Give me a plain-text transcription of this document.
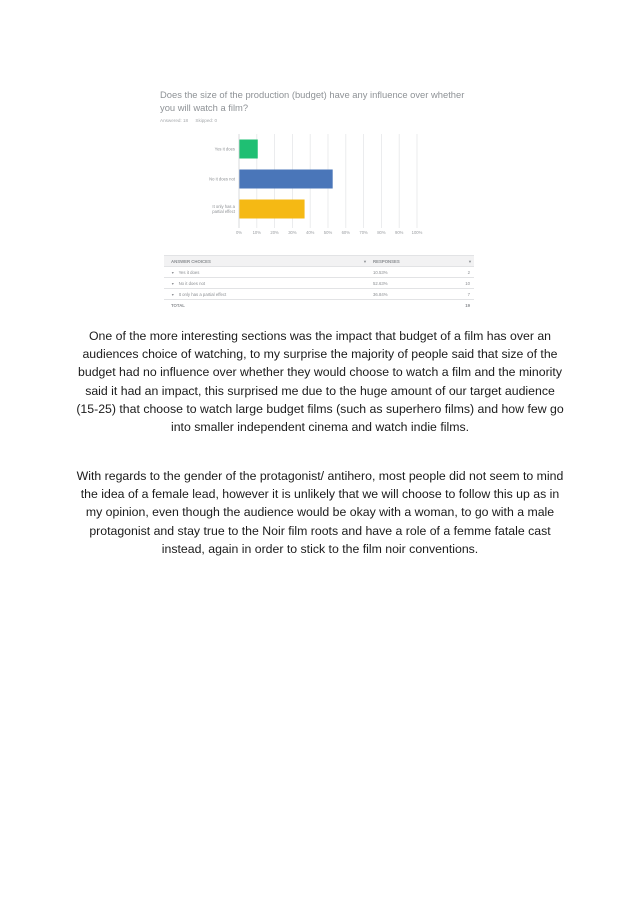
Does the size of the production (budget) have any influence over whether you will watch a film?
Answered: 18 Skipped: 0
0%	10% 20% 30% 40% 50% 60% 70% 80% 90% 100%
Yes it does
No it does not
It only has a
partial effect
ANSWER CHOICES	▼ RESPONSES	▼
▼ Yes it does	10.53%	2
▼ No it does not	52.63%	10
▼ It only has a partial effect	36.84%	7
TOTAL	19

One of the more interesting sections was the impact that budget of a film has over an audiences choice of watching, to my surprise the majority of people said that size of the budget had no influence over whether they would choose to watch a film and the minority said it had an impact, this surprised me due to the huge amount of our target audience (15-25) that choose to watch large budget films (such as superhero films) and how few go into smaller independent cinema and watch indie films.

With regards to the gender of the protagonist/ antihero, most people did not seem to mind the idea of a female lead, however it is unlikely that we will choose to follow this up as in my opinion, even though the audience would be okay with a woman, to go with a male protagonist and stay true to the Noir film roots and have a role of a femme fatale cast instead, again in order to stick to the film noir conventions.
